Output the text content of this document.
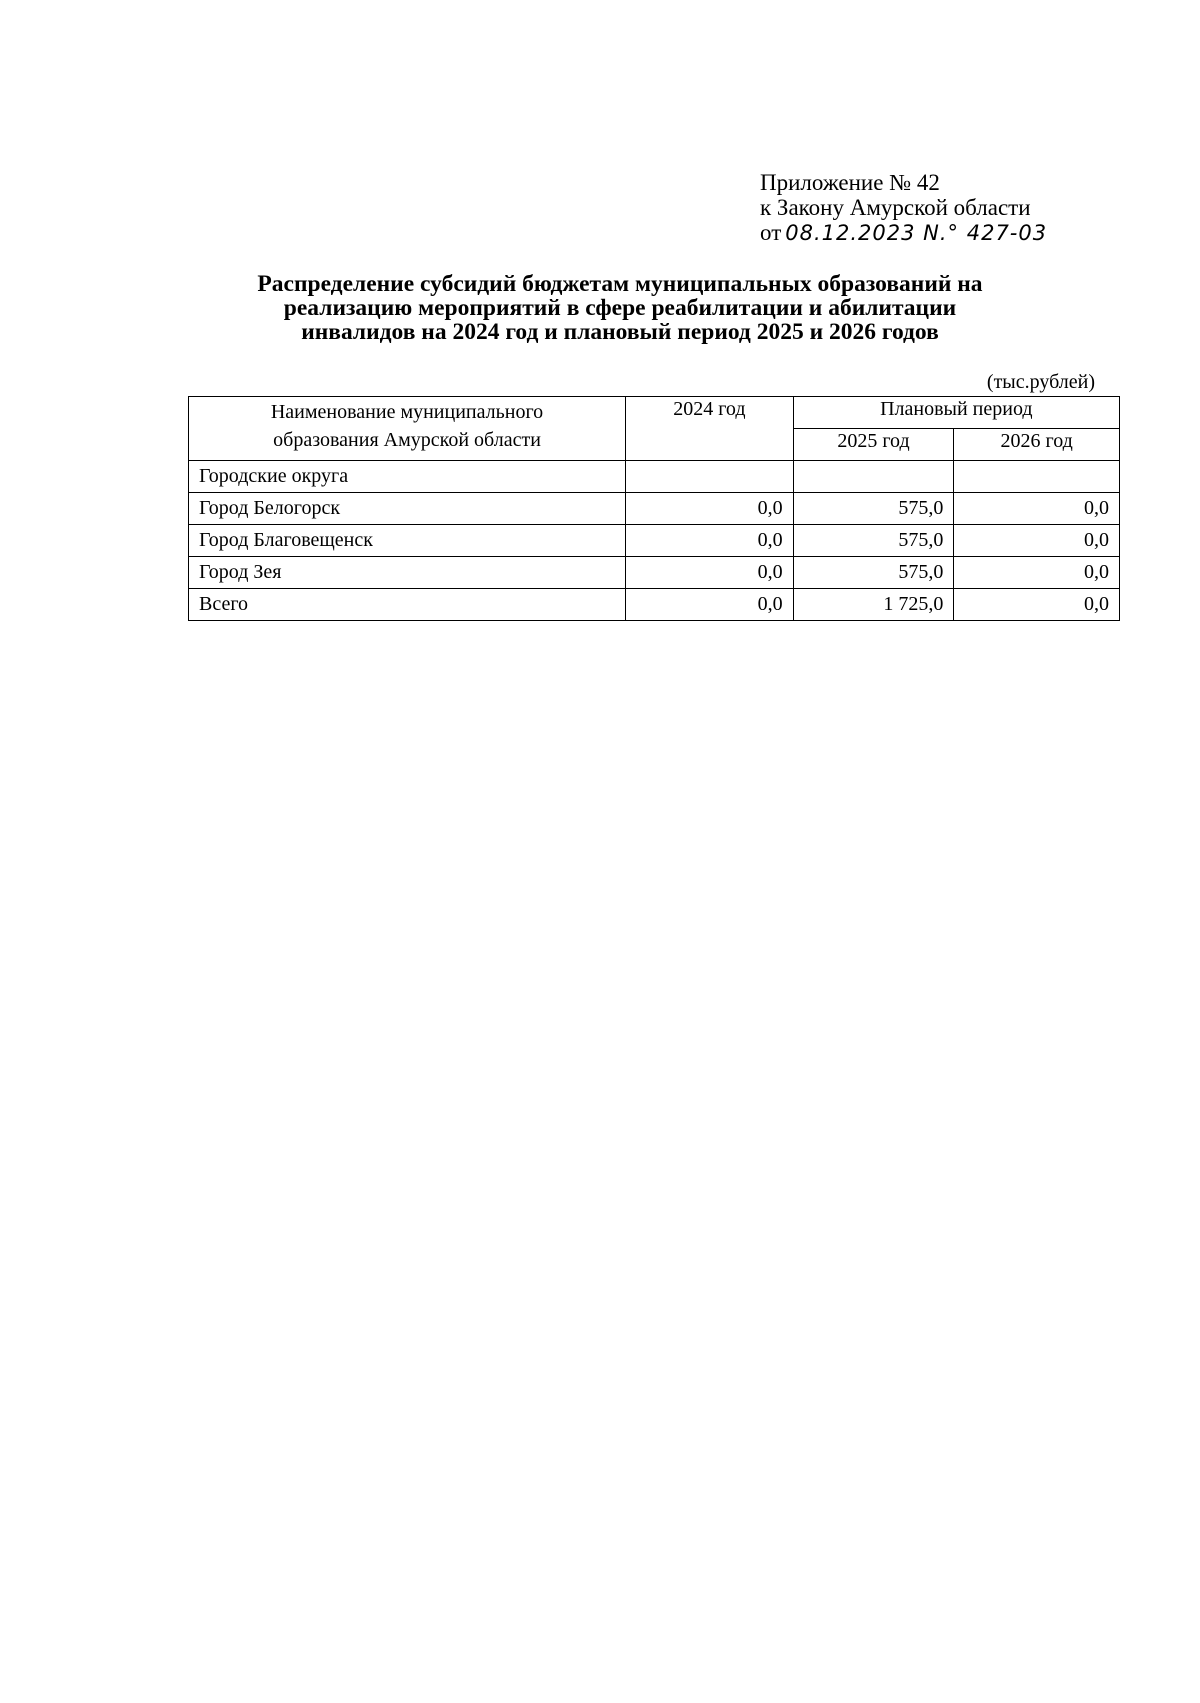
Приложение № 42
к Закону Амурской области
от 08.12.2023 N.° 427-03
Распределение субсидий бюджетам муниципальных образований на
реализацию мероприятий в сфере реабилитации и абилитации
инвалидов на 2024 год и плановый период 2025 и 2026 годов
(тыс.рублей)
Наименование муниципального
образования Амурской области	2024 год	Плановый период	
		2025 год	2026 год
Городские округа			
Город Белогорск	0,0	575,0	0,0
Город Благовещенск	0,0	575,0	0,0
Город Зея	0,0	575,0	0,0
Всего	0,0	1 725,0	0,0
